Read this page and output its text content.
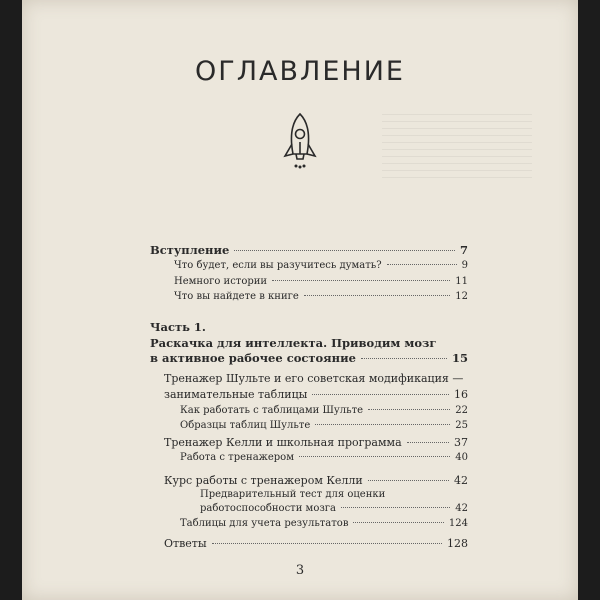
ОГЛАВЛЕНИЕ
Вступление	7
Что будет, если вы разучитесь думать?	9
Немного истории	11
Что вы найдете в книге	12
Часть 1.
Раскачка для интеллекта. Приводим мозг
в активное рабочее состояние	15
Тренажер Шульте и его советская модификация —
занимательные таблицы	16
Как работать с таблицами Шульте	22
Образцы таблиц Шульте	25
Тренажер Келли и школьная программа	37
Работа с тренажером	40
Курс работы с тренажером Келли	42
Предварительный тест для оценки
работоспособности мозга	42
Таблицы для учета результатов	124
Ответы	128
3
